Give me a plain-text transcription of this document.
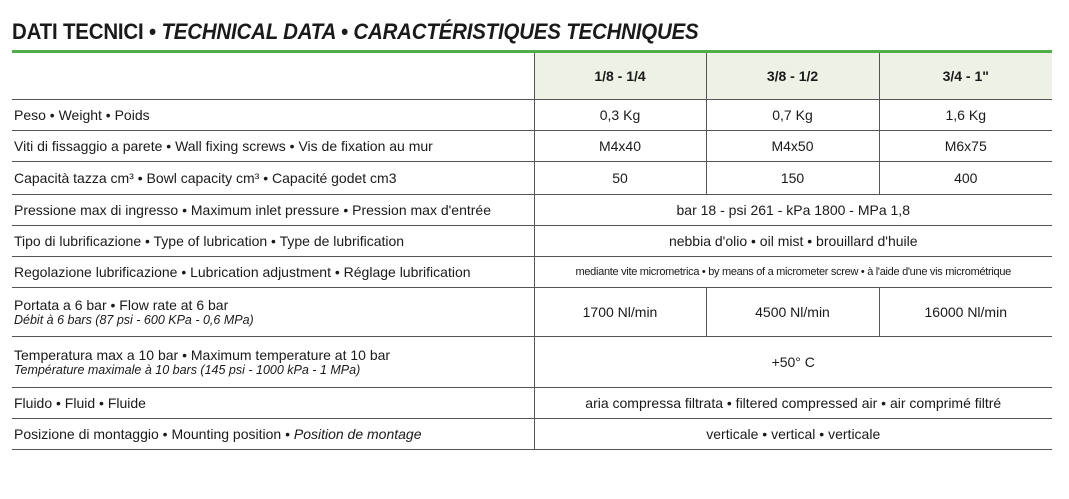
DATI TECNICI • TECHNICAL DATA • CARACTÉRISTIQUES TECHNIQUES
	1/8 - 1/4	3/8 - 1/2	3/4 - 1"
Peso • Weight • Poids	0,3 Kg	0,7 Kg	1,6 Kg
Viti di fissaggio a parete • Wall fixing screws • Vis de fixation au mur	M4x40	M4x50	M6x75
Capacità tazza cm³ • Bowl capacity cm³ • Capacité godet cm3	50	150	400
Pressione max di ingresso • Maximum inlet pressure • Pression max d'entrée	bar 18 - psi 261 - kPa 1800 - MPa 1,8		
Tipo di lubrificazione • Type of lubrication • Type de lubrification	nebbia d'olio • oil mist • brouillard d'huile		
Regolazione lubrificazione • Lubrication adjustment • Réglage lubrification	mediante vite micrometrica • by means of a micrometer screw • à l'aide d'une vis micrométrique		
Portata a 6 bar • Flow rate at 6 bar
Débit à 6 bars (87 psi - 600 KPa - 0,6 MPa)	1700 Nl/min	4500 Nl/min	16000 Nl/min
Temperatura max a 10 bar • Maximum temperature at 10 bar
Température maximale à 10 bars (145 psi - 1000 kPa - 1 MPa)	+50° C		
Fluido • Fluid • Fluide	aria compressa filtrata • filtered compressed air • air comprimé filtré		
Posizione di montaggio • Mounting position • Position de montage	verticale • vertical • verticale		
